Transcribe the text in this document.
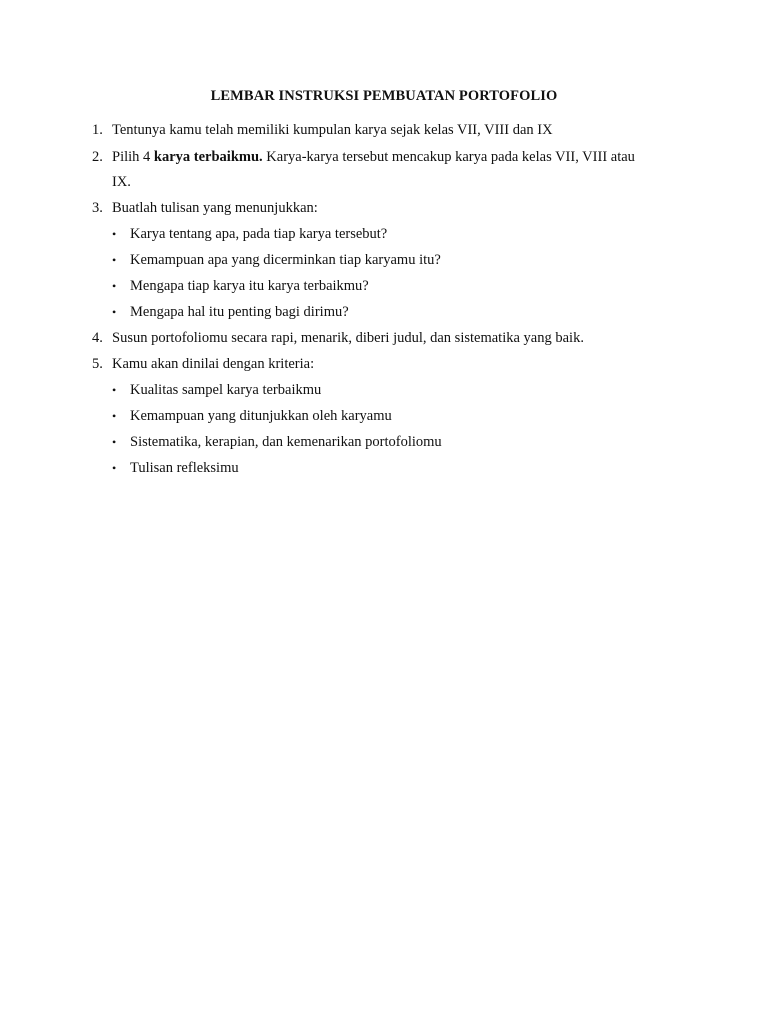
LEMBAR INSTRUKSI PEMBUATAN PORTOFOLIO
1. Tentunya kamu telah memiliki kumpulan karya sejak kelas VII, VIII dan IX
2. Pilih 4 karya terbaikmu. Karya-karya tersebut mencakup karya pada kelas VII, VIII atau
IX.
3. Buatlah tulisan yang menunjukkan:
• Karya tentang apa, pada tiap karya tersebut?
• Kemampuan apa yang dicerminkan tiap karyamu itu?
• Mengapa tiap karya itu karya terbaikmu?
• Mengapa hal itu penting bagi dirimu?
4. Susun portofoliomu secara rapi, menarik, diberi judul, dan sistematika yang baik.
5. Kamu akan dinilai dengan kriteria:
• Kualitas sampel karya terbaikmu
• Kemampuan yang ditunjukkan oleh karyamu
• Sistematika, kerapian, dan kemenarikan portofoliomu
• Tulisan refleksimu
